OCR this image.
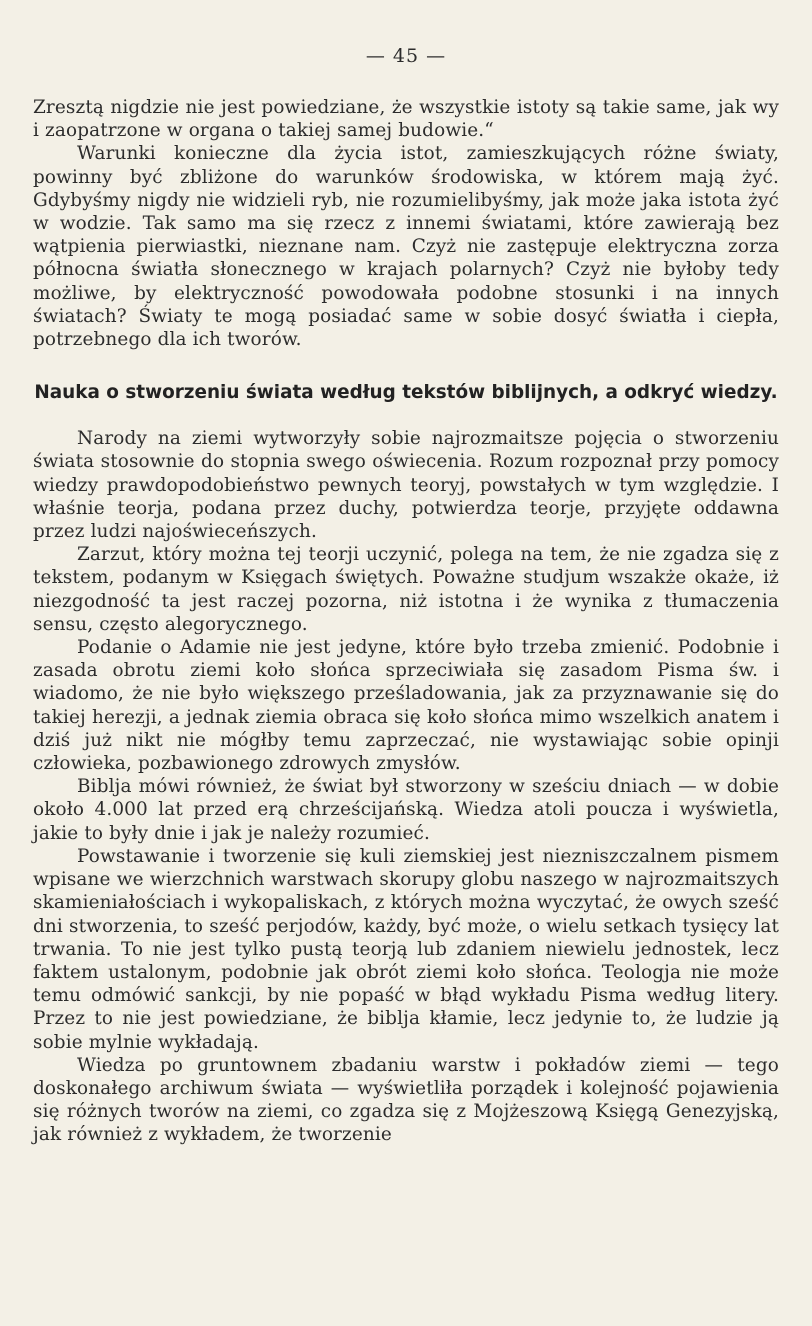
— 45 —

Zresztą nigdzie nie jest powiedziane, że wszystkie istoty są takie same, jak wy i zaopatrzone w organa o takiej samej budowie.“

Warunki konieczne dla życia istot, zamieszkujących różne światy, powinny być zbliżone do warunków środowiska, w którem mają żyć. Gdybyśmy nigdy nie widzieli ryb, nie rozumielibyśmy, jak może jaka istota żyć w wodzie. Tak samo ma się rzecz z innemi światami, które zawierają bez wątpienia pierwiastki, nieznane nam. Czyż nie zastępuje elektryczna zorza północna światła słonecznego w krajach polarnych? Czyż nie byłoby tedy możliwe, by elektryczność powodowała podobne stosunki i na innych światach? Światy te mogą posiadać same w sobie dosyć światła i ciepła, potrzebnego dla ich tworów.

Nauka o stworzeniu świata według tekstów biblijnych, a odkryć wiedzy.

Narody na ziemi wytworzyły sobie najrozmaitsze pojęcia o stworzeniu świata stosownie do stopnia swego oświecenia. Rozum rozpoznał przy pomocy wiedzy prawdopodobieństwo pewnych teoryj, powstałych w tym względzie. I właśnie teorja, podana przez duchy, potwierdza teorje, przyjęte oddawna przez ludzi najoświeceńszych.

Zarzut, który można tej teorji uczynić, polega na tem, że nie zgadza się z tekstem, podanym w Księgach świętych. Poważne studjum wszakże okaże, iż niezgodność ta jest raczej pozorna, niż istotna i że wynika z tłumaczenia sensu, często alegorycznego.

Podanie o Adamie nie jest jedyne, które było trzeba zmienić. Podobnie i zasada obrotu ziemi koło słońca sprzeciwiała się zasadom Pisma św. i wiadomo, że nie było większego prześladowania, jak za przyznawanie się do takiej herezji, a jednak ziemia obraca się koło słońca mimo wszelkich anatem i dziś już nikt nie mógłby temu zaprzeczać, nie wystawiając sobie opinji człowieka, pozbawionego zdrowych zmysłów.

Biblja mówi również, że świat był stworzony w sześciu dniach — w dobie około 4.000 lat przed erą chrześcijańską. Wiedza atoli poucza i wyświetla, jakie to były dnie i jak je należy rozumieć.

Powstawanie i tworzenie się kuli ziemskiej jest niezniszczalnem pismem wpisane we wierzchnich warstwach skorupy globu naszego w najrozmaitszych skamieniałościach i wykopaliskach, z których można wyczytać, że owych sześć dni stworzenia, to sześć perjodów, każdy, być może, o wielu setkach tysięcy lat trwania. To nie jest tylko pustą teorją lub zdaniem niewielu jednostek, lecz faktem ustalonym, podobnie jak obrót ziemi koło słońca. Teologja nie może temu odmówić sankcji, by nie popaść w błąd wykładu Pisma według litery. Przez to nie jest powiedziane, że biblja kłamie, lecz jedynie to, że ludzie ją sobie mylnie wykładają.

Wiedza po gruntownem zbadaniu warstw i pokładów ziemi — tego doskonałego archiwum świata — wyświetliła porządek i kolejność pojawienia się różnych tworów na ziemi, co zgadza się z Mojżeszową Księgą Genezyjską, jak również z wykładem, że tworzenie
